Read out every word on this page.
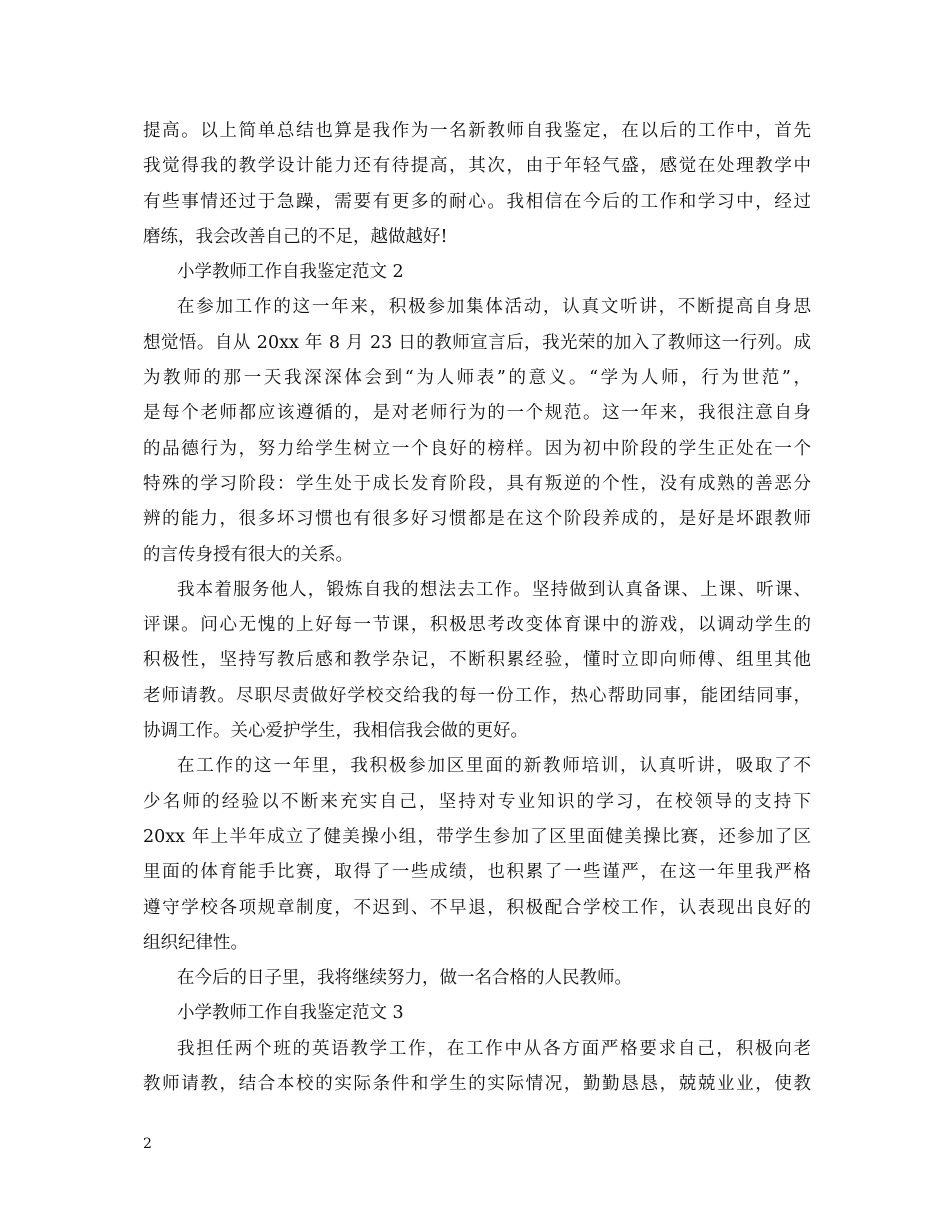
提高。以上简单总结也算是我作为一名新教师自我鉴定，在以后的工作中，首先
我觉得我的教学设计能力还有待提高，其次，由于年轻气盛，感觉在处理教学中
有些事情还过于急躁，需要有更多的耐心。我相信在今后的工作和学习中，经过
磨练，我会改善自己的不足，越做越好!
小学教师工作自我鉴定范文 2
在参加工作的这一年来，积极参加集体活动，认真文听讲，不断提高自身思
想觉悟。自从 20xx 年 8 月 23 日的教师宣言后，我光荣的加入了教师这一行列。成
为教师的那一天我深深体会到“为人师表”的意义。“学为人师，行为世范”，
是每个老师都应该遵循的，是对老师行为的一个规范。这一年来，我很注意自身
的品德行为，努力给学生树立一个良好的榜样。因为初中阶段的学生正处在一个
特殊的学习阶段：学生处于成长发育阶段，具有叛逆的个性，没有成熟的善恶分
辨的能力，很多坏习惯也有很多好习惯都是在这个阶段养成的，是好是坏跟教师
的言传身授有很大的关系。
我本着服务他人，锻炼自我的想法去工作。坚持做到认真备课、上课、听课、
评课。问心无愧的上好每一节课，积极思考改变体育课中的游戏，以调动学生的
积极性，坚持写教后感和教学杂记，不断积累经验，懂时立即向师傅、组里其他
老师请教。尽职尽责做好学校交给我的每一份工作，热心帮助同事，能团结同事，
协调工作。关心爱护学生，我相信我会做的更好。
在工作的这一年里，我积极参加区里面的新教师培训，认真听讲，吸取了不
少名师的经验以不断来充实自己，坚持对专业知识的学习，在校领导的支持下
20xx 年上半年成立了健美操小组，带学生参加了区里面健美操比赛，还参加了区
里面的体育能手比赛，取得了一些成绩，也积累了一些谨严，在这一年里我严格
遵守学校各项规章制度，不迟到、不早退，积极配合学校工作，认表现出良好的
组织纪律性。
在今后的日子里，我将继续努力，做一名合格的人民教师。
小学教师工作自我鉴定范文 3
我担任两个班的英语教学工作，在工作中从各方面严格要求自己，积极向老
教师请教，结合本校的实际条件和学生的实际情况，勤勤恳恳，兢兢业业，使教
2
